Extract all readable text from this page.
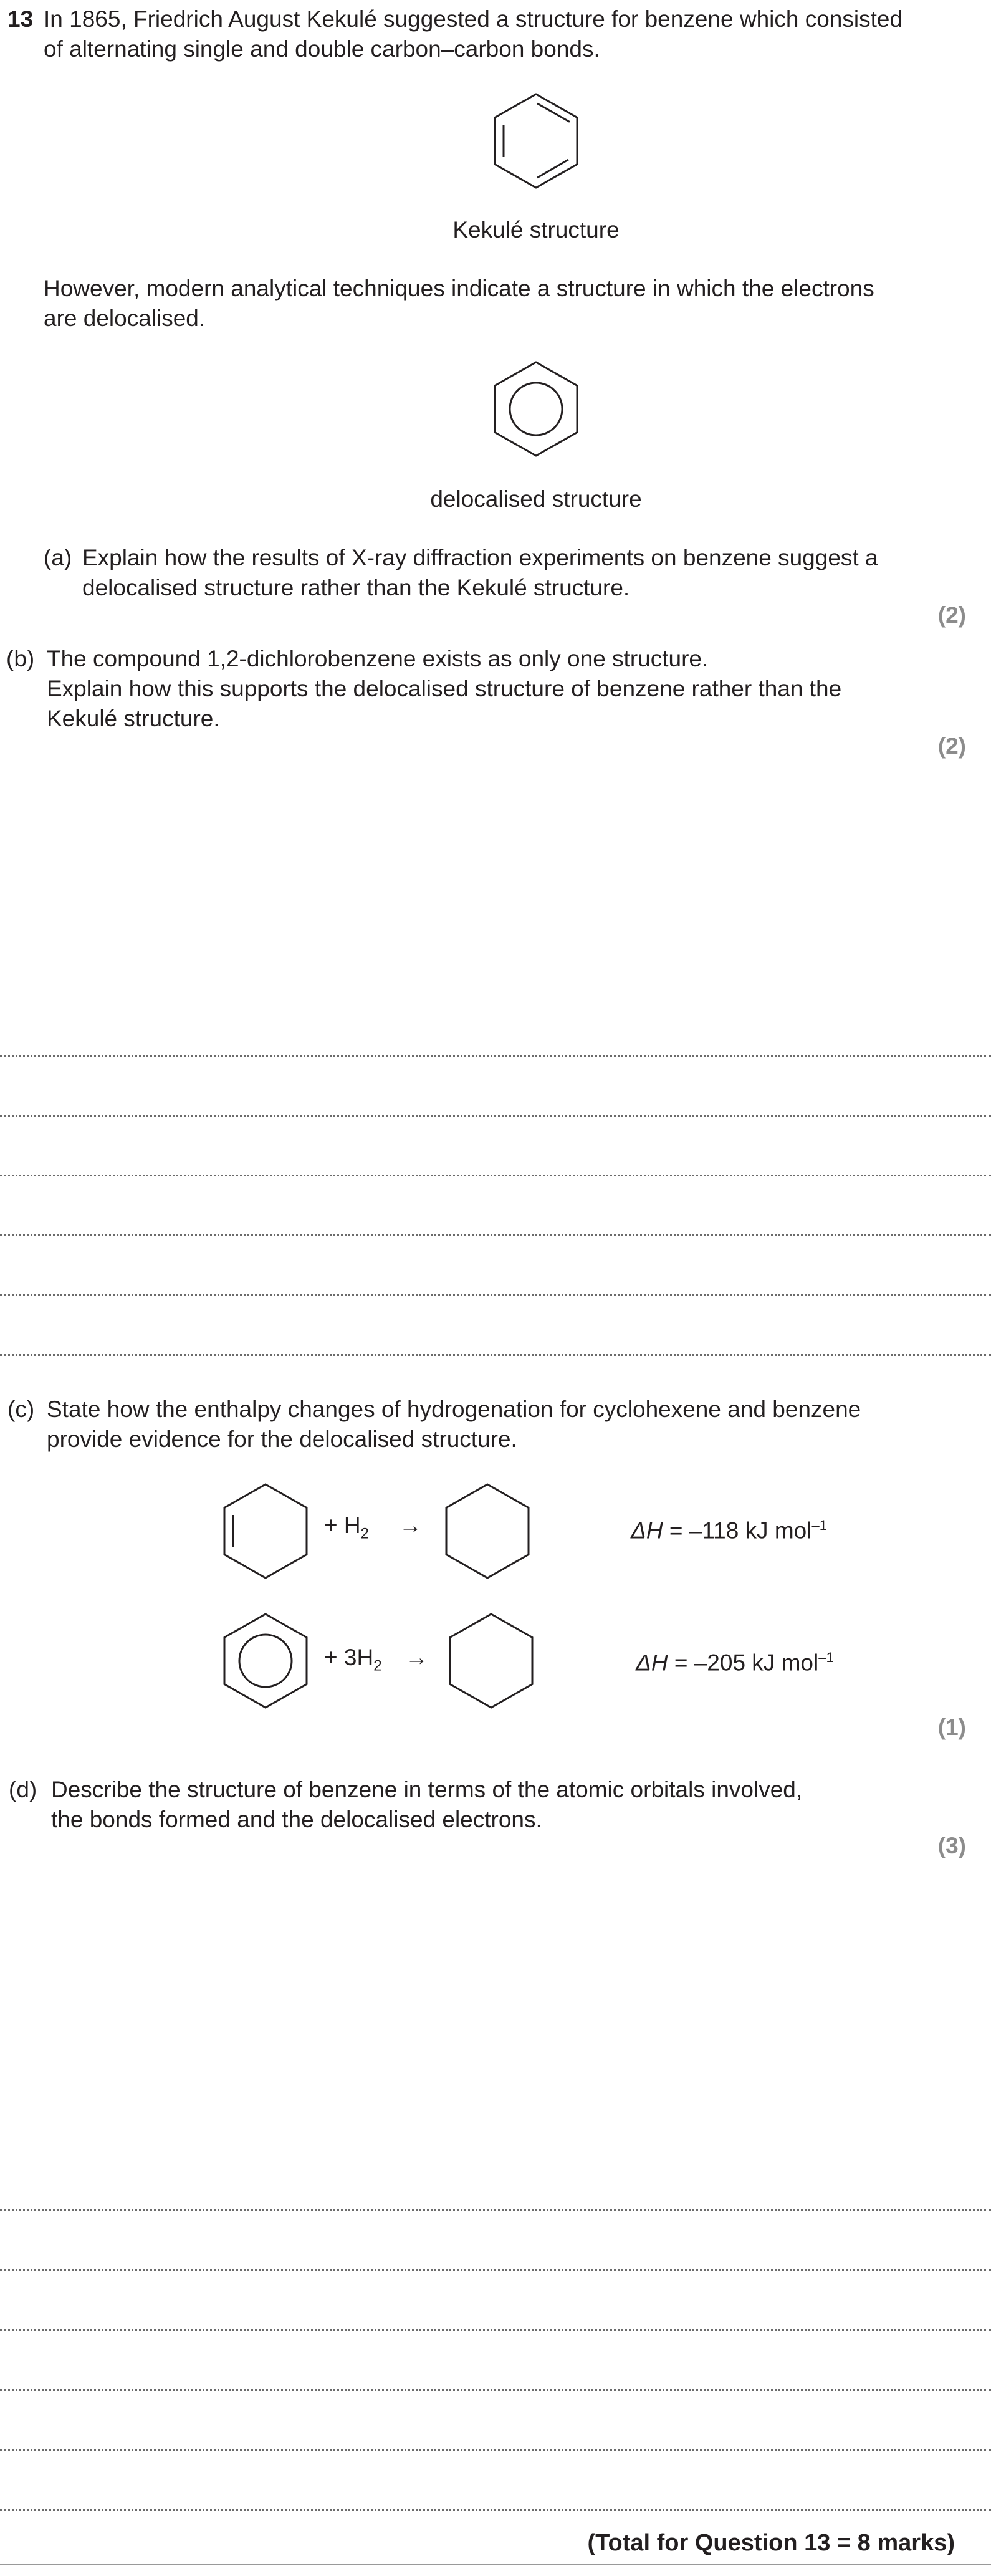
13 In 1865, Friedrich August Kekulé suggested a structure for benzene which consisted
of alternating single and double carbon–carbon bonds.
Kekulé structure
However, modern analytical techniques indicate a structure in which the electrons
are delocalised.
delocalised structure
(a) Explain how the results of X-ray diffraction experiments on benzene suggest a
delocalised structure rather than the Kekulé structure.
(2)
(b) The compound 1,2-dichlorobenzene exists as only one structure.
Explain how this supports the delocalised structure of benzene rather than the
Kekulé structure.
(2)
(c) State how the enthalpy changes of hydrogenation for cyclohexene and benzene
provide evidence for the delocalised structure.
+ $H_2$ →	ΔH = –118 kJ mol$^{-1}$
+ $3H_2$ →	ΔH = –205 kJ mol$^{-1}$
(1)
(d) Describe the structure of benzene in terms of the atomic orbitals involved,
the bonds formed and the delocalised electrons.
(3)
(Total for Question 13 = 8 marks)
